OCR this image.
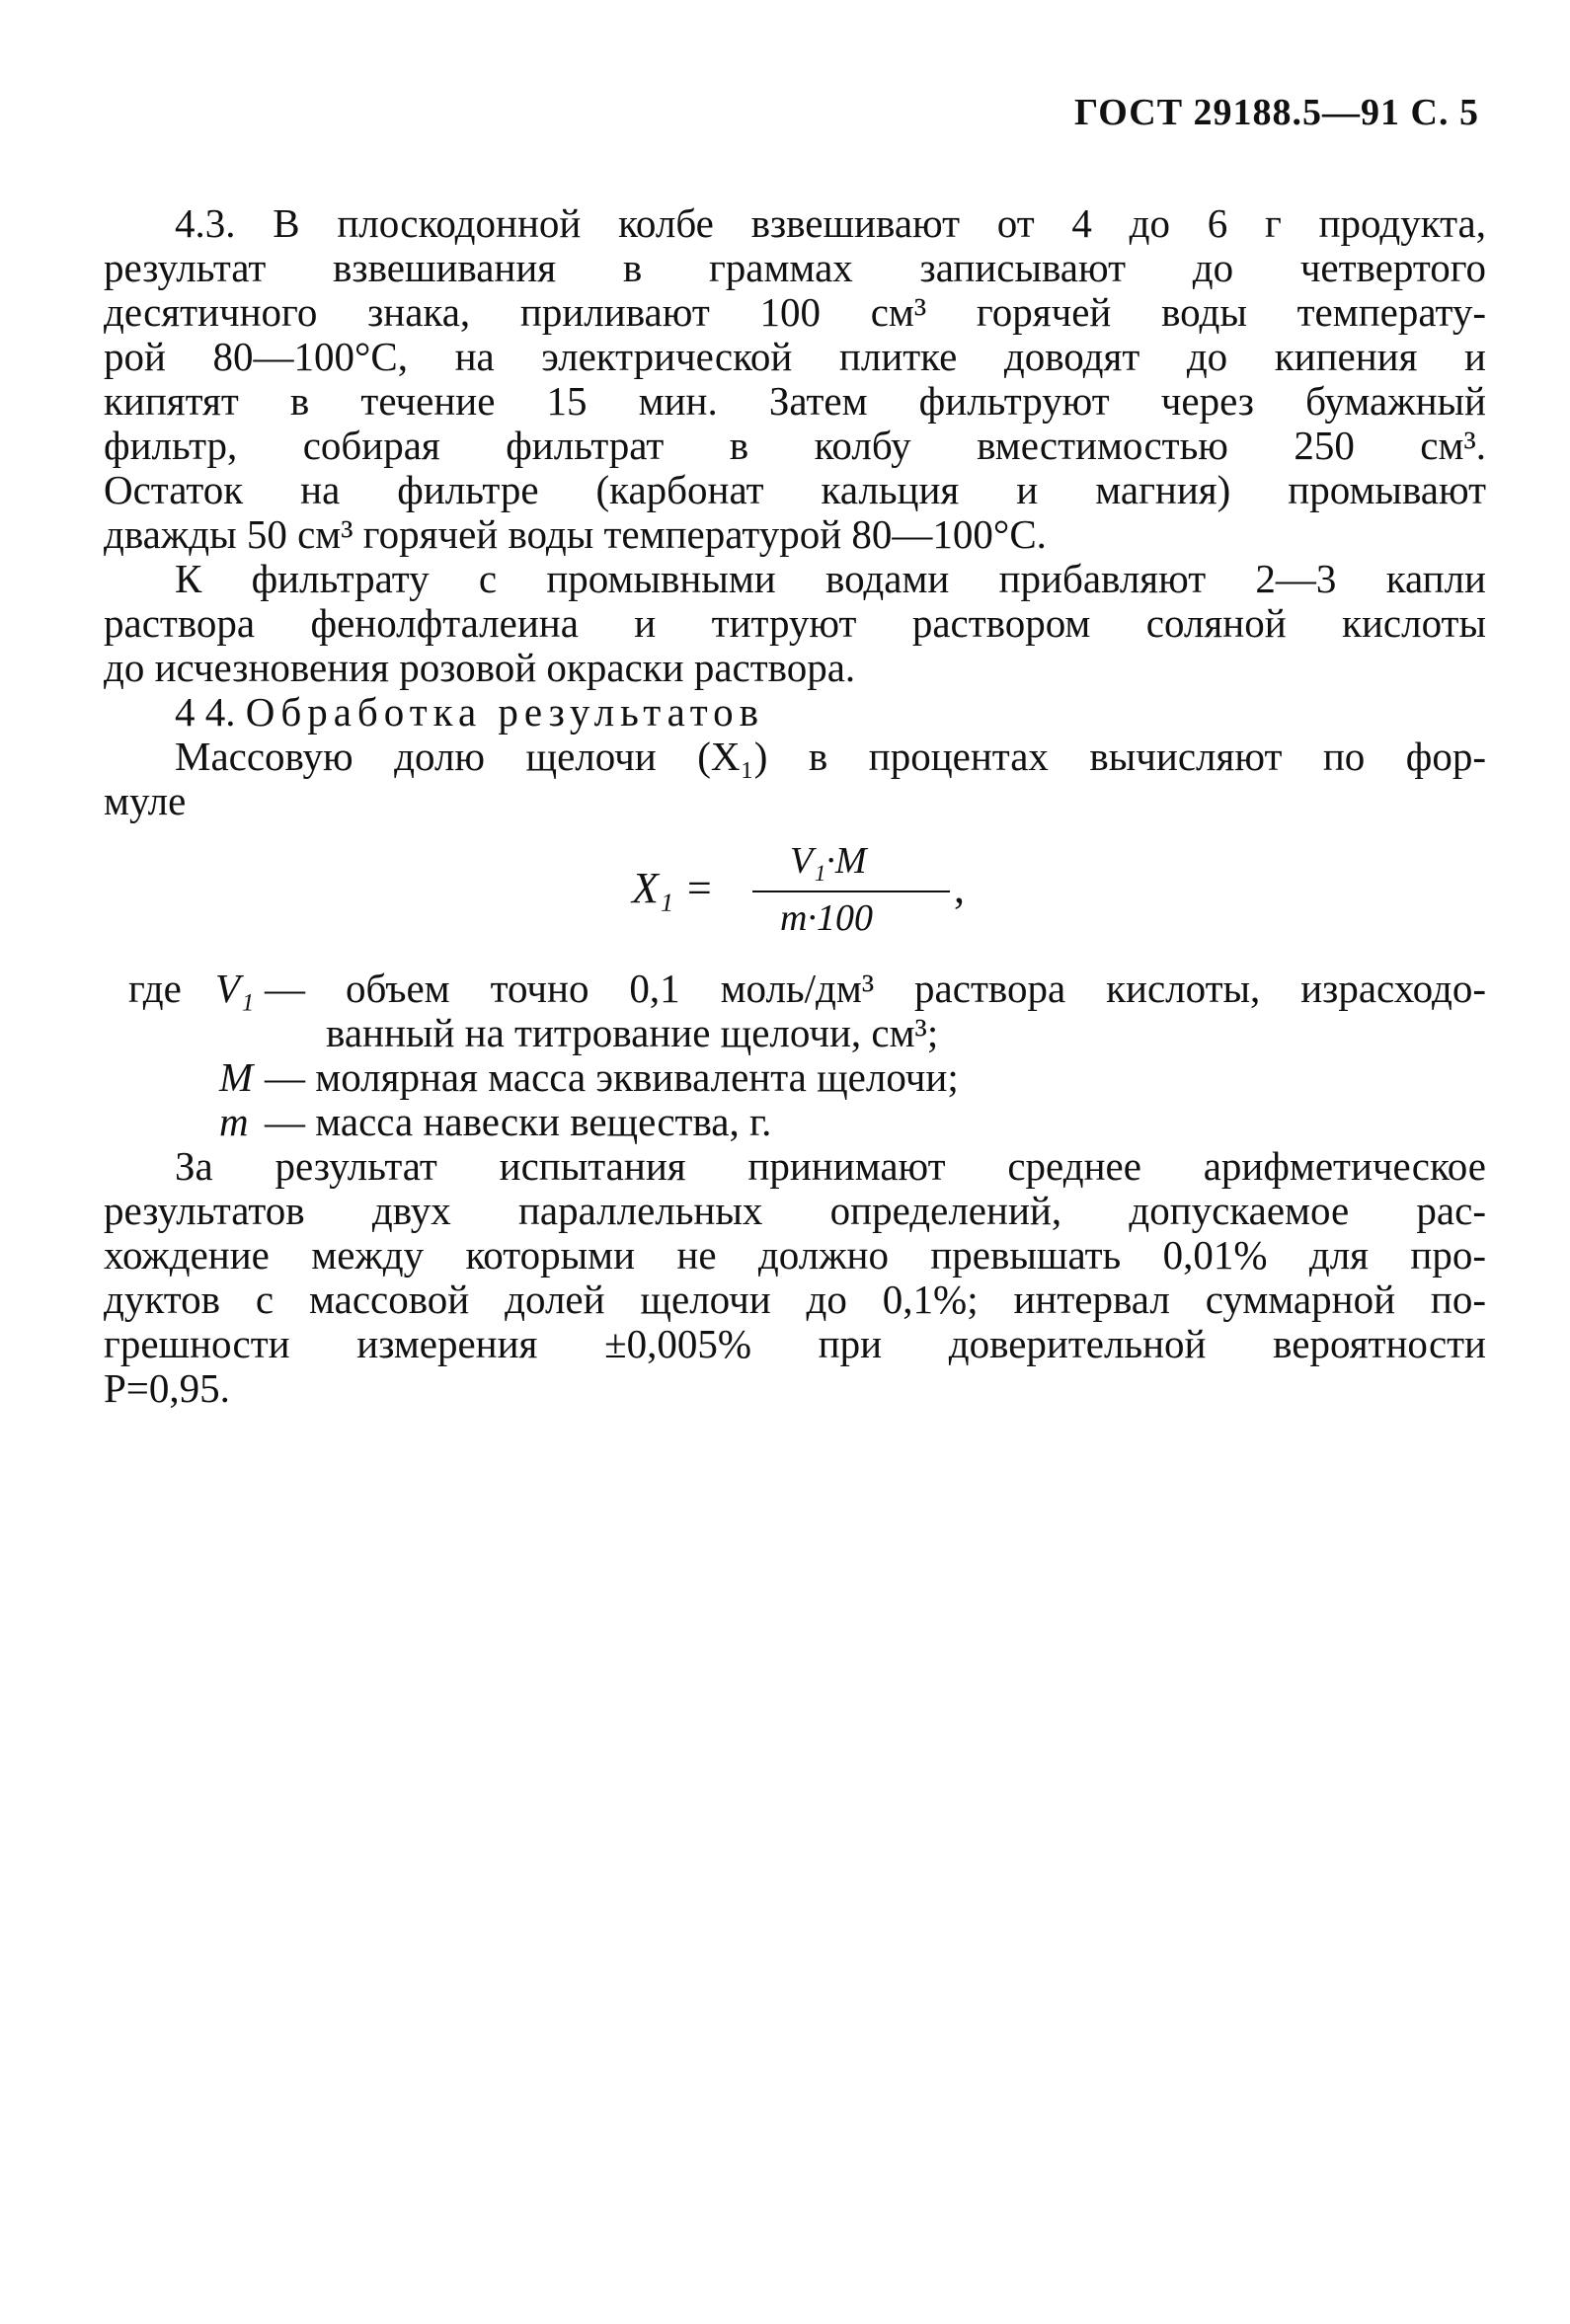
ГОСТ 29188.5—91 С. 5
4.3. В плоскодонной колбе взвешивают от 4 до 6 г продукта,
результат взвешивания в граммах записывают до четвертого
десятичного знака, приливают 100 см³ горячей воды температу-
рой 80—100°С, на электрической плитке доводят до кипения и
кипятят в течение 15 мин. Затем фильтруют через бумажный
фильтр, собирая фильтрат в колбу вместимостью 250 см³.
Остаток на фильтре (карбонат кальция и магния) промывают
дважды 50 см³ горячей воды температурой 80—100°С.
К фильтрату с промывными водами прибавляют 2—3 капли
раствора фенолфталеина и титруют раствором соляной кислоты
до исчезновения розовой окраски раствора.
4 4. Обработка результатов
Массовую долю щелочи (X₁) в процентах вычисляют по фор-
муле
X₁ =
V₁·M
m·100
,
где V₁ — объем точно 0,1 моль/дм³ раствора кислоты, израсходо-
ванный на титрование щелочи, см³;
М — молярная масса эквивалента щелочи;
m — масса навески вещества, г.
За результат испытания принимают среднее арифметическое
результатов двух параллельных определений, допускаемое рас-
хождение между которыми не должно превышать 0,01% для про-
дуктов с массовой долей щелочи до 0,1%; интервал суммарной по-
грешности измерения ±0,005% при доверительной вероятности
Р=0,95.
